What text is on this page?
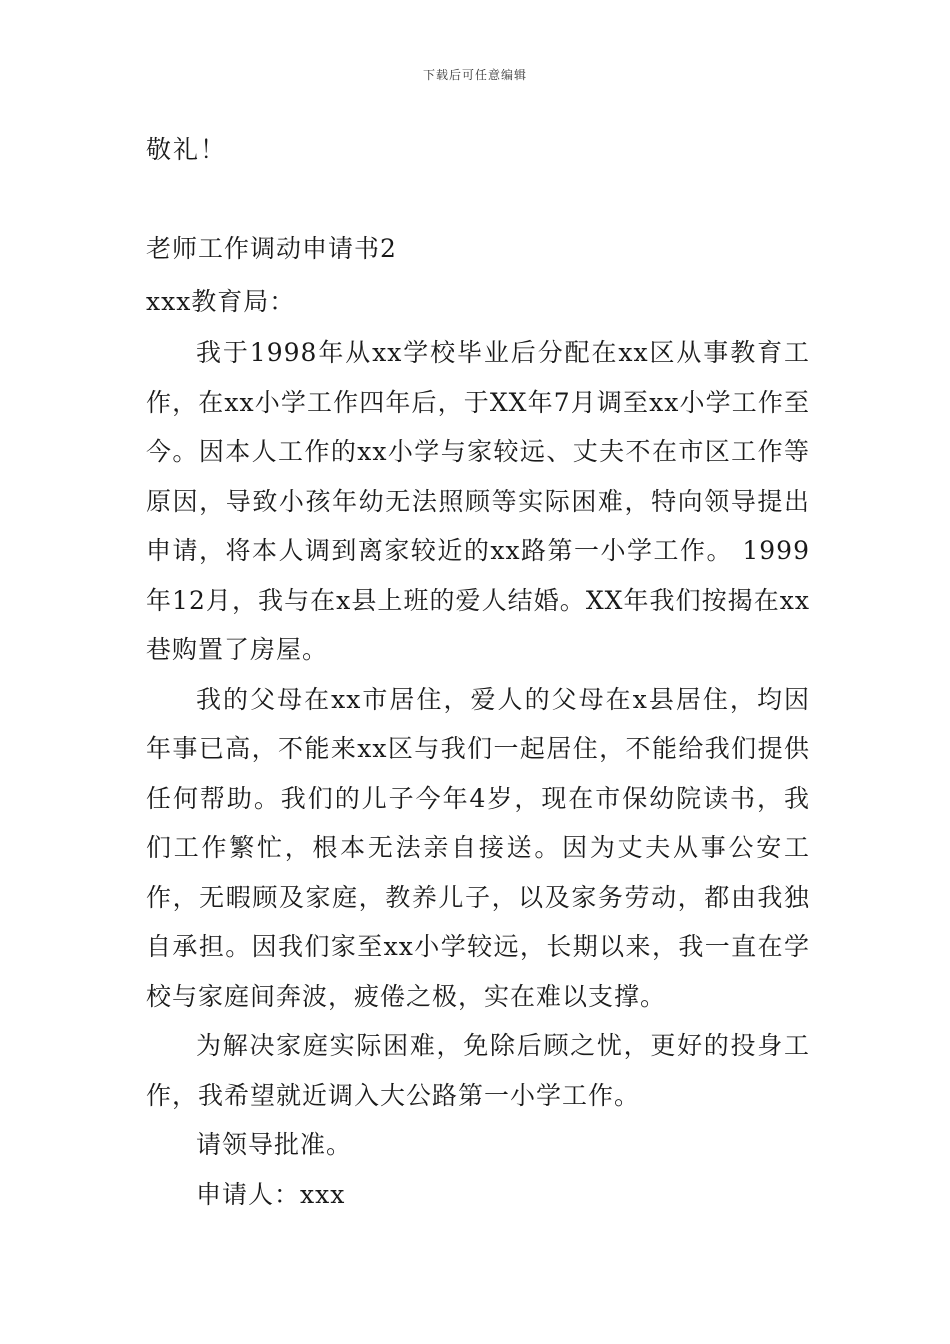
下载后可任意编辑
敬礼！
老师工作调动申请书2
xxx教育局：

我于1998年从xx学校毕业后分配在xx区从事教育工作，在xx小学工作四年后，于XX年7月调至xx小学工作至今。因本人工作的xx小学与家较远、丈夫不在市区工作等原因，导致小孩年幼无法照顾等实际困难，特向领导提出申请，将本人调到离家较近的xx路第一小学工作。 1999年12月，我与在x县上班的爱人结婚。XX年我们按揭在xx巷购置了房屋。

我的父母在xx市居住，爱人的父母在x县居住，均因年事已高，不能来xx区与我们一起居住，不能给我们提供任何帮助。我们的儿子今年4岁，现在市保幼院读书，我们工作繁忙，根本无法亲自接送。因为丈夫从事公安工作，无暇顾及家庭，教养儿子，以及家务劳动，都由我独自承担。因我们家至xx小学较远，长期以来，我一直在学校与家庭间奔波，疲倦之极，实在难以支撑。

为解决家庭实际困难，免除后顾之忧，更好的投身工作，我希望就近调入大公路第一小学工作。

请领导批准。

申请人：xxx
